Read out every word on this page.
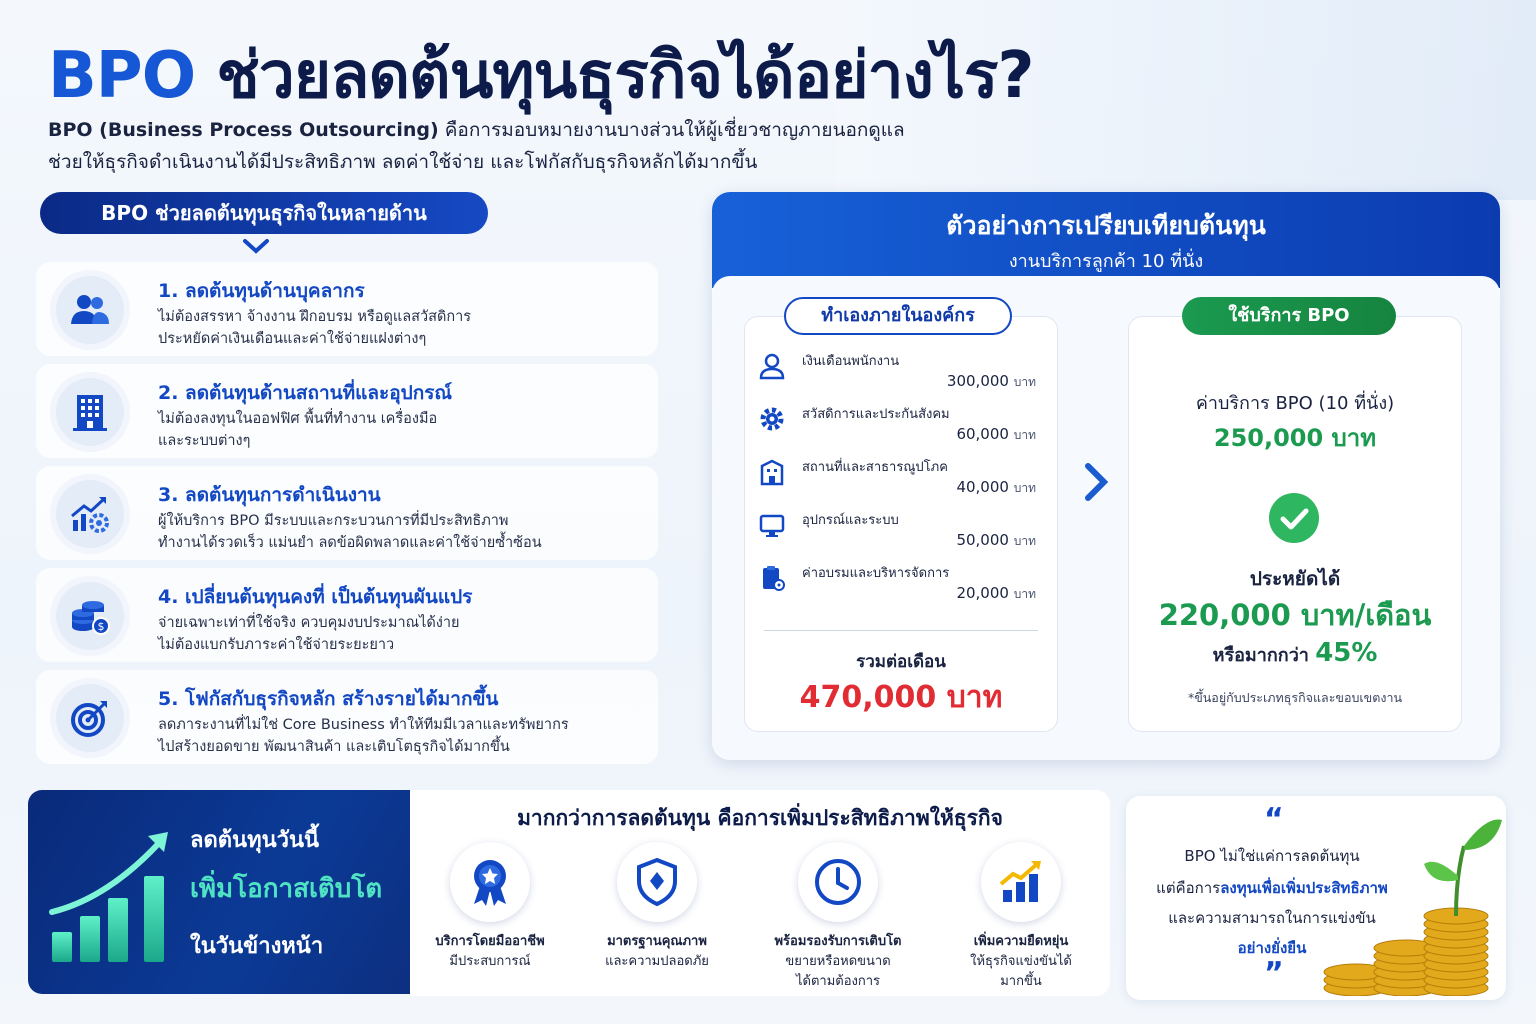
BPO ช่วยลดต้นทุนธุรกิจได้อย่างไร?
BPO (Business Process Outsourcing) คือการมอบหมายงานบางส่วนให้ผู้เชี่ยวชาญภายนอกดูแล
ช่วยให้ธุรกิจดำเนินงานได้มีประสิทธิภาพ ลดค่าใช้จ่าย และโฟกัสกับธุรกิจหลักได้มากขึ้น
BPO ช่วยลดต้นทุนธุรกิจในหลายด้าน
1. ลดต้นทุนด้านบุคลากร
ไม่ต้องสรรหา จ้างงาน ฝึกอบรม หรือดูแลสวัสดิการ
ประหยัดค่าเงินเดือนและค่าใช้จ่ายแฝงต่างๆ
2. ลดต้นทุนด้านสถานที่และอุปกรณ์
ไม่ต้องลงทุนในออฟฟิศ พื้นที่ทำงาน เครื่องมือ
และระบบต่างๆ
3. ลดต้นทุนการดำเนินงาน
ผู้ให้บริการ BPO มีระบบและกระบวนการที่มีประสิทธิภาพ
ทำงานได้รวดเร็ว แม่นยำ ลดข้อผิดพลาดและค่าใช้จ่ายซ้ำซ้อน
$
4. เปลี่ยนต้นทุนคงที่ เป็นต้นทุนผันแปร
จ่ายเฉพาะเท่าที่ใช้จริง ควบคุมงบประมาณได้ง่าย
ไม่ต้องแบกรับภาระค่าใช้จ่ายระยะยาว
5. โฟกัสกับธุรกิจหลัก สร้างรายได้มากขึ้น
ลดภาระงานที่ไม่ใช่ Core Business ทำให้ทีมมีเวลาและทรัพยากร
ไปสร้างยอดขาย พัฒนาสินค้า และเติบโตธุรกิจได้มากขึ้น
ตัวอย่างการเปรียบเทียบต้นทุน
งานบริการลูกค้า 10 ที่นั่ง
ทำเองภายในองค์กร
เงินเดือนพนักงาน
300,000 บาท
สวัสดิการและประกันสังคม
60,000 บาท
สถานที่และสาธารณูปโภค
40,000 บาท
อุปกรณ์และระบบ
50,000 บาท
ค่าอบรมและบริหารจัดการ
20,000 บาท
รวมต่อเดือน
470,000 บาท
ใช้บริการ BPO
ค่าบริการ BPO (10 ที่นั่ง)
250,000 บาท
ประหยัดได้
220,000 บาท/เดือน
หรือมากกว่า 45%
*ขึ้นอยู่กับประเภทธุรกิจและขอบเขตงาน
ลดต้นทุนวันนี้
เพิ่มโอกาสเติบโต
ในวันข้างหน้า
มากกว่าการลดต้นทุน คือการเพิ่มประสิทธิภาพให้ธุรกิจ
บริการโดยมืออาชีพ
มีประสบการณ์
มาตรฐานคุณภาพ
และความปลอดภัย
พร้อมรองรับการเติบโต
ขยายหรือหดขนาด
ได้ตามต้องการ
เพิ่มความยืดหยุ่น
ให้ธุรกิจแข่งขันได้
มากขึ้น
“
BPO ไม่ใช่แค่การลดต้นทุน
แต่คือการลงทุนเพื่อเพิ่มประสิทธิภาพ
และความสามารถในการแข่งขัน
อย่างยั่งยืน
”
